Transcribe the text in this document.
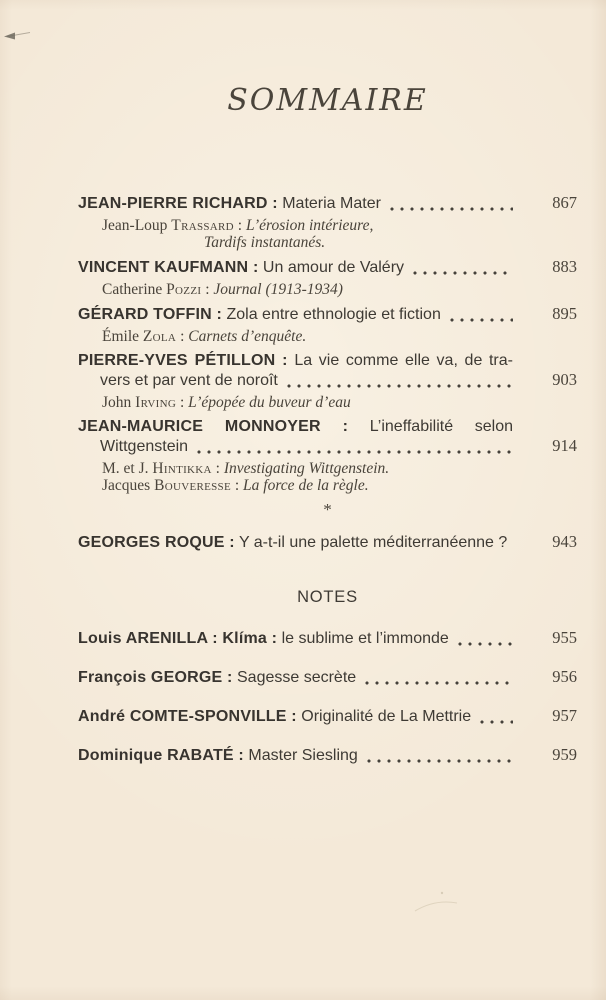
SOMMAIRE
JEAN-PIERRE RICHARD : Materia Mater	867
Jean-Loup Trassard : L’érosion intérieure,
Tardifs instantanés.
VINCENT KAUFMANN : Un amour de Valéry	883
Catherine Pozzi : Journal (1913-1934)
GÉRARD TOFFIN : Zola entre ethnologie et fiction	895
Émile Zola : Carnets d’enquête.
PIERRE-YVES PÉTILLON : La vie comme elle va, de tra-
vers et par vent de noroît	903
John Irving : L’épopée du buveur d’eau
JEAN-MAURICE MONNOYER : L’ineffabilité selon
Wittgenstein	914
M. et J. Hintikka : Investigating Wittgenstein.
Jacques Bouveresse : La force de la règle.
*
GEORGES ROQUE : Y a-t-il une palette méditerranéenne ?	943
NOTES
Louis ARENILLA : Klíma : le sublime et l’immonde	955
François GEORGE : Sagesse secrète	956
André COMTE-SPONVILLE : Originalité de La Mettrie	957
Dominique RABATÉ : Master Siesling	959
